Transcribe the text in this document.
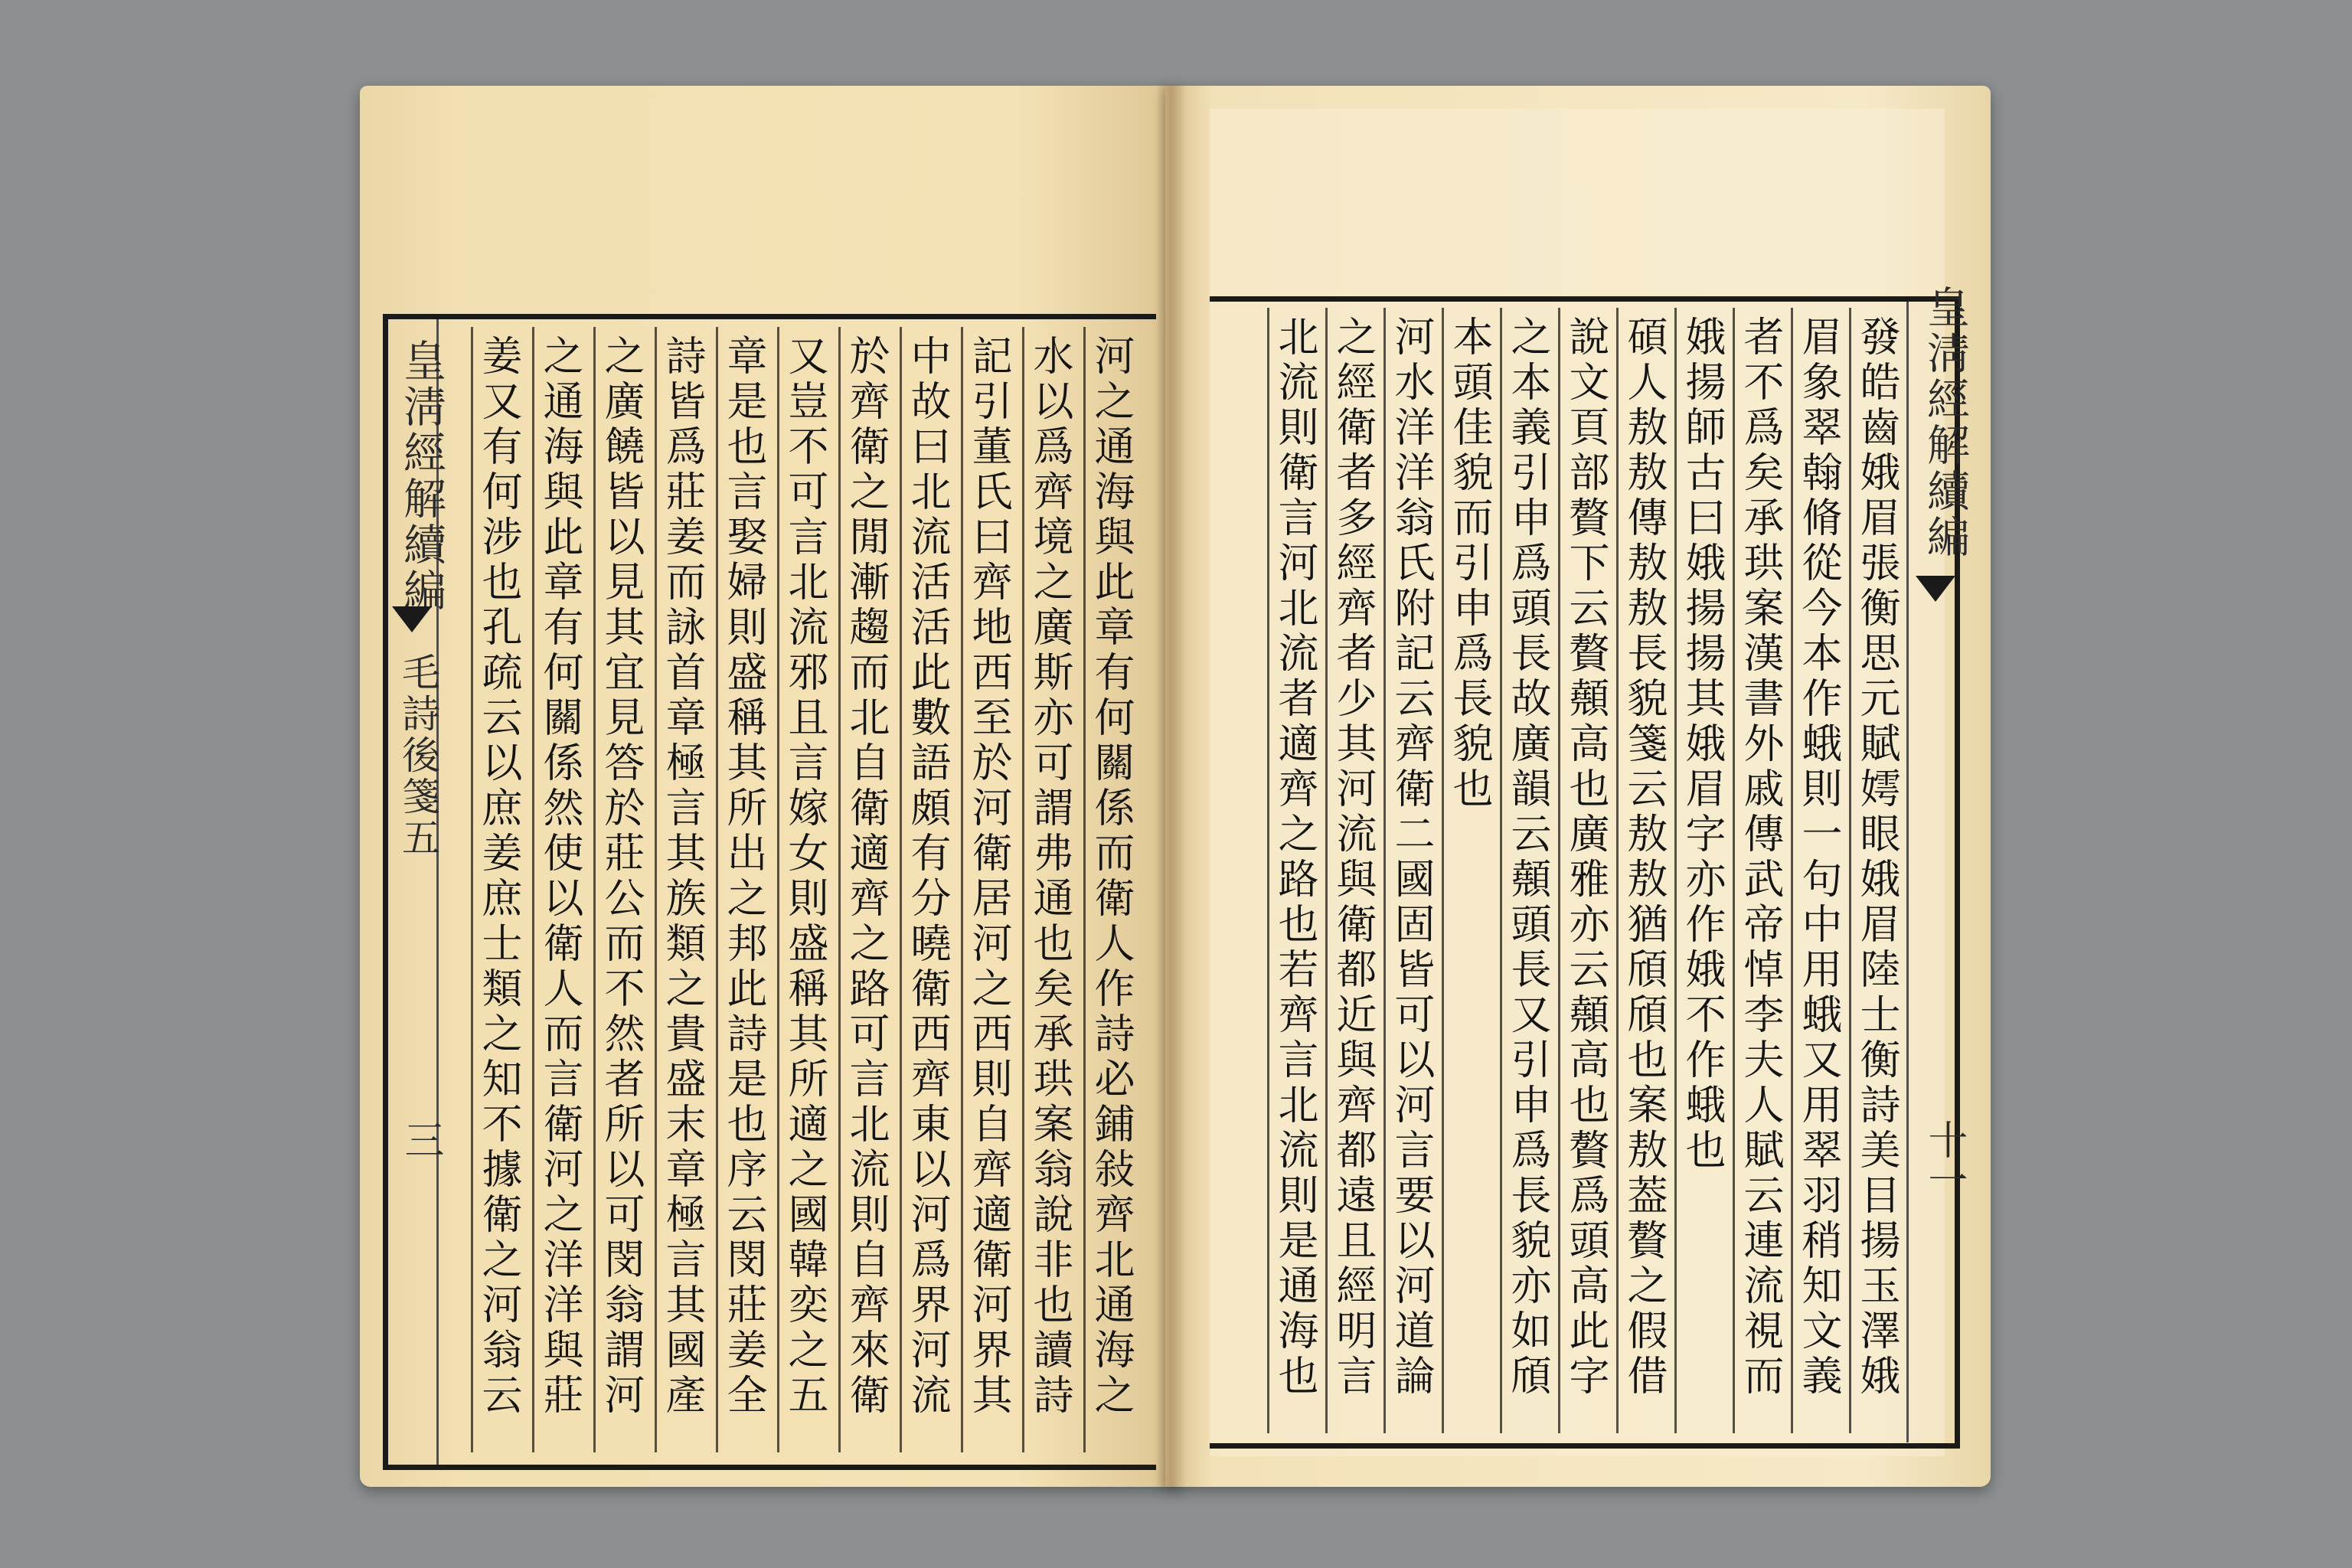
皇淸經解續編
毛詩後箋五
三	河之通海與此章有何關係而衛人作詩必鋪敍齊北通海之
水以爲齊境之廣斯亦可謂弗通也矣承珙案翁說非也讀詩
記引董氏曰齊地西至於河衛居河之西則自齊適衛河界其
中故曰北流活活此數語頗有分曉衛西齊東以河爲界河流
於齊衛之閒漸趨而北自衛適齊之路可言北流則自齊來衛
又豈不可言北流邪且言嫁女則盛稱其所適之國韓奕之五
章是也言娶婦則盛稱其所出之邦此詩是也序云閔莊姜全
詩皆爲莊姜而詠首章極言其族類之貴盛末章極言其國產
之廣饒皆以見其宜見答於莊公而不然者所以可閔翁謂河
之通海與此章有何關係然使以衛人而言衛河之洋洋與莊
姜又有何涉也孔疏云以庶姜庶士類之知不據衛之河翁云	皇淸經解續編
十一
發皓齒娥眉張衡思元賦嫮眼娥眉陸士衡詩美目揚玉澤娥
眉象翠翰脩從今本作蛾則一句中用蛾又用翠羽稍知文義
者不爲矣承珙案漢書外戚傳武帝悼李夫人賦云連流視而
娥揚師古曰娥揚揚其娥眉字亦作娥不作蛾也
碩人敖敖傳敖敖長貌箋云敖敖猶頎頎也案敖葢贅之假借
說文頁部贅下云贅顤高也廣雅亦云顤高也贅爲頭高此字
之本義引申爲頭長故廣韻云顤頭長又引申爲長貌亦如頎
本頭佳貌而引申爲長貌也
河水洋洋翁氏附記云齊衛二國固皆可以河言要以河道論
之經衛者多經齊者少其河流與衛都近與齊都遠且經明言
北流則衛言河北流者適齊之路也若齊言北流則是通海也
